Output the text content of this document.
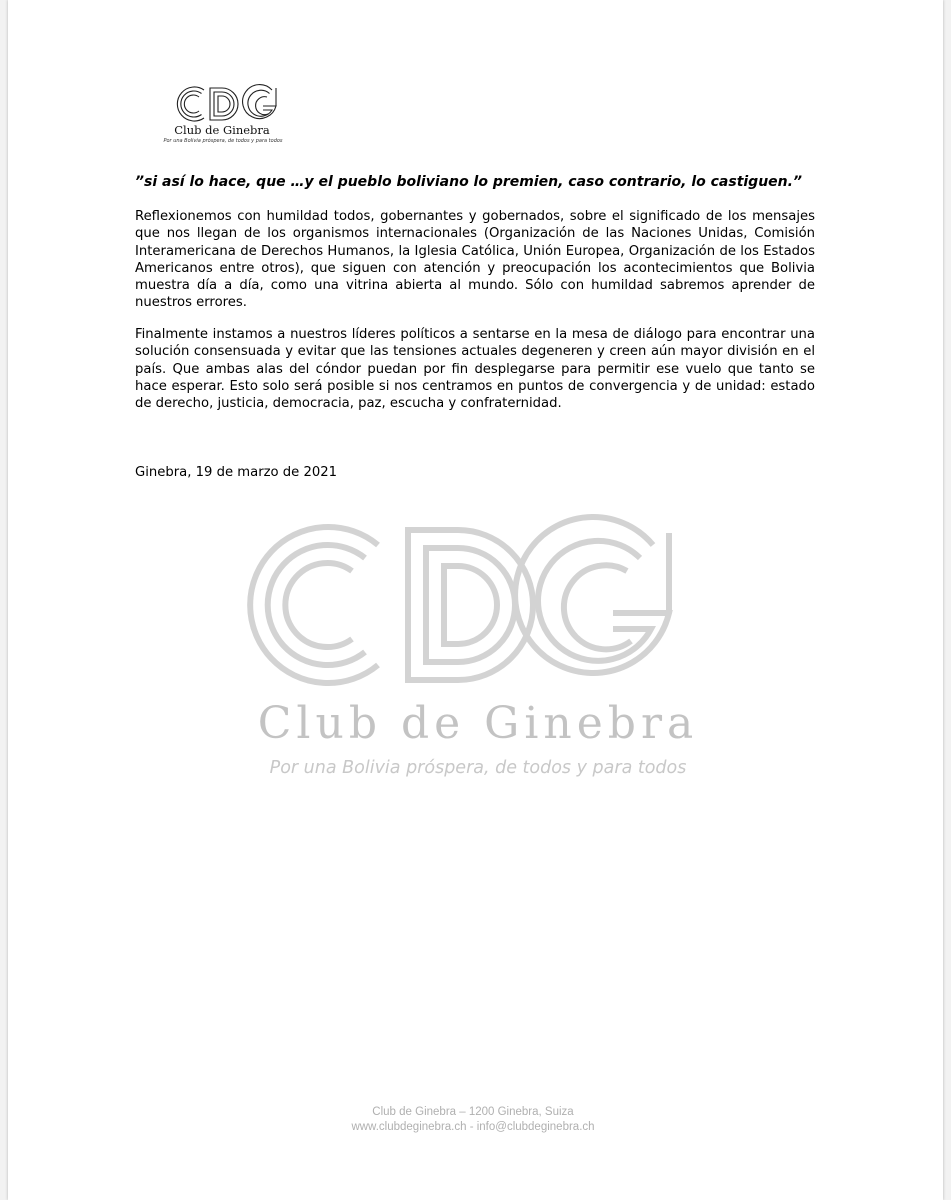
Club de Ginebra
Por una Bolivia próspera, de todos y para todos
”si así lo hace, que …y el pueblo boliviano lo premien, caso contrario, lo castiguen.”

Reflexionemos con humildad todos, gobernantes y gobernados, sobre el significado de los mensajes que nos llegan de los organismos internacionales (Organización de las Naciones Unidas, Comisión Interamericana de Derechos Humanos, la Iglesia Católica, Unión Europea, Organización de los Estados Americanos entre otros), que siguen con atención y preocupación los acontecimientos que Bolivia muestra día a día, como una vitrina abierta al mundo. Sólo con humildad sabremos aprender de nuestros errores.

Finalmente instamos a nuestros líderes políticos a sentarse en la mesa de diálogo para encontrar una solución consensuada y evitar que las tensiones actuales degeneren y creen aún mayor división en el país. Que ambas alas del cóndor puedan por fin desplegarse para permitir ese vuelo que tanto se hace esperar. Esto solo será posible si nos centramos en puntos de convergencia y de unidad: estado de derecho, justicia, democracia, paz, escucha y confraternidad.

Ginebra, 19 de marzo de 2021
Club de Ginebra
Por una Bolivia próspera, de todos y para todos
Club de Ginebra – 1200 Ginebra, Suiza
www.clubdeginebra.ch - info@clubdeginebra.ch
